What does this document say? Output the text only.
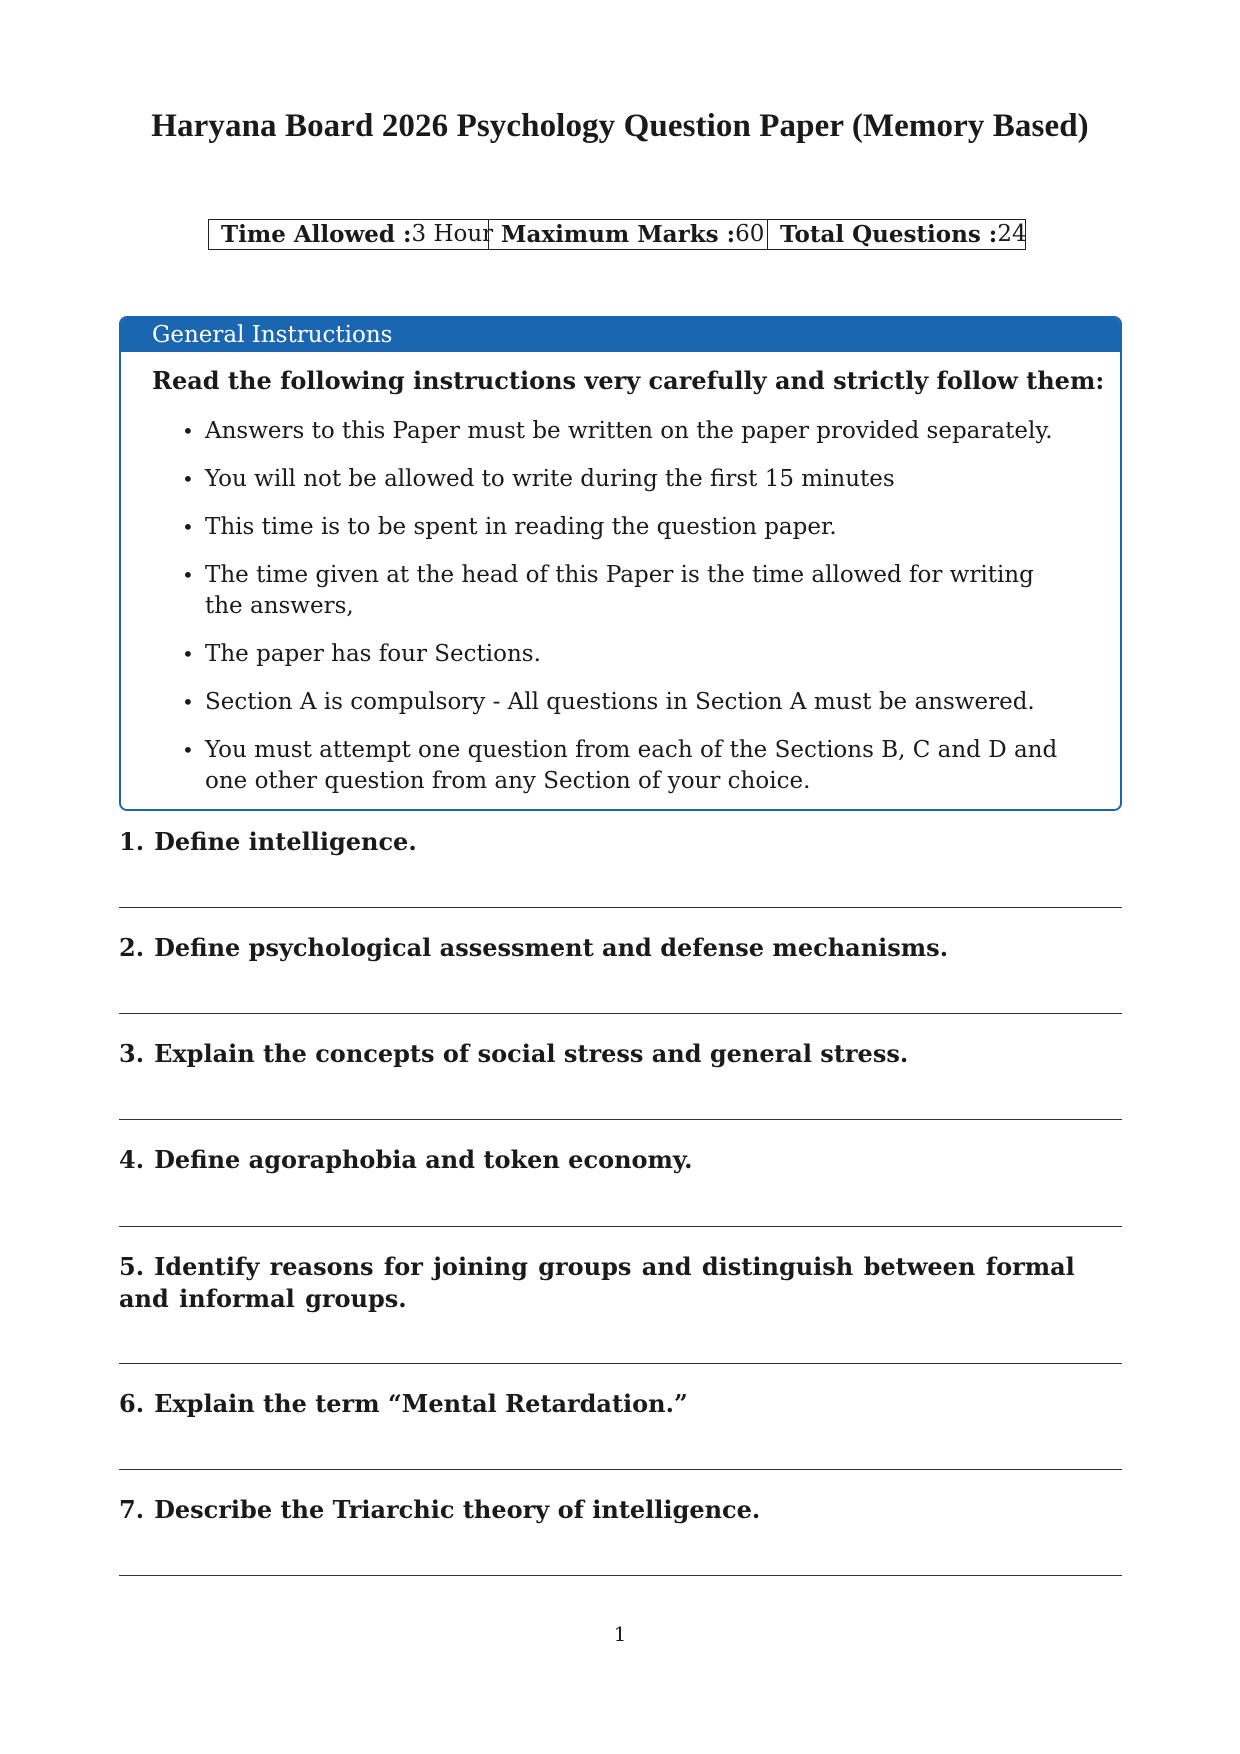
Haryana Board 2026 Psychology Question Paper (Memory Based)
Time Allowed : 3 Hour Maximum Marks : 60 Total Questions : 24
General Instructions
Read the following instructions very carefully and strictly follow them:
• Answers to this Paper must be written on the paper provided separately.
• You will not be allowed to write during the first 15 minutes
• This time is to be spent in reading the question paper.
• The time given at the head of this Paper is the time allowed for writing the answers,
• The paper has four Sections.
• Section A is compulsory - All questions in Section A must be answered.
• You must attempt one question from each of the Sections B, C and D and one other question from any Section of your choice.

1. Define intelligence.

2. Define psychological assessment and defense mechanisms.

3. Explain the concepts of social stress and general stress.

4. Define agoraphobia and token economy.

5. Identify reasons for joining groups and distinguish between formal and informal groups.

6. Explain the term “Mental Retardation.”

7. Describe the Triarchic theory of intelligence.

1
